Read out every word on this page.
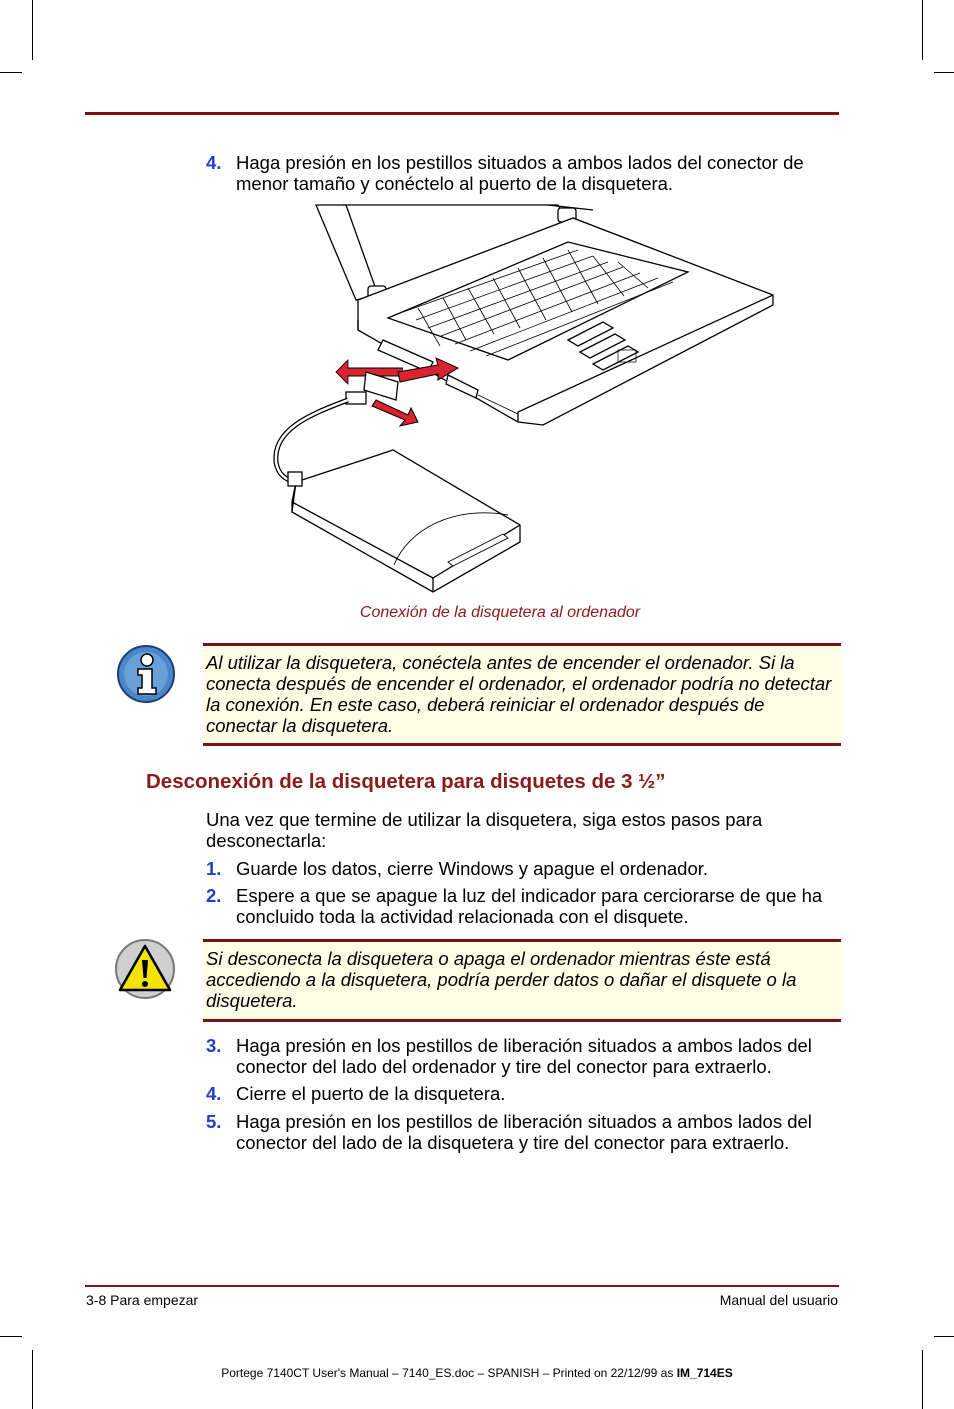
4. Haga presión en los pestillos situados a ambos lados del conector de menor tamaño y conéctelo al puerto de la disquetera.
Conexión de la disquetera al ordenador
Al utilizar la disquetera, conéctela antes de encender el ordenador. Si la conecta después de encender el ordenador, el ordenador podría no detectar la conexión. En este caso, deberá reiniciar el ordenador después de conectar la disquetera.
Desconexión de la disquetera para disquetes de 3 ½”
Una vez que termine de utilizar la disquetera, siga estos pasos para desconectarla:
1. Guarde los datos, cierre Windows y apague el ordenador.
2. Espere a que se apague la luz del indicador para cerciorarse de que ha concluido toda la actividad relacionada con el disquete.
Si desconecta la disquetera o apaga el ordenador mientras éste está accediendo a la disquetera, podría perder datos o dañar el disquete o la disquetera.
3. Haga presión en los pestillos de liberación situados a ambos lados del conector del lado del ordenador y tire del conector para extraerlo.
4. Cierre el puerto de la disquetera.
5. Haga presión en los pestillos de liberación situados a ambos lados del conector del lado de la disquetera y tire del conector para extraerlo.
3-8 Para empezar	Manual del usuario
Portege 7140CT User's Manual – 7140_ES.doc – SPANISH – Printed on 22/12/99 as IM_714ES
